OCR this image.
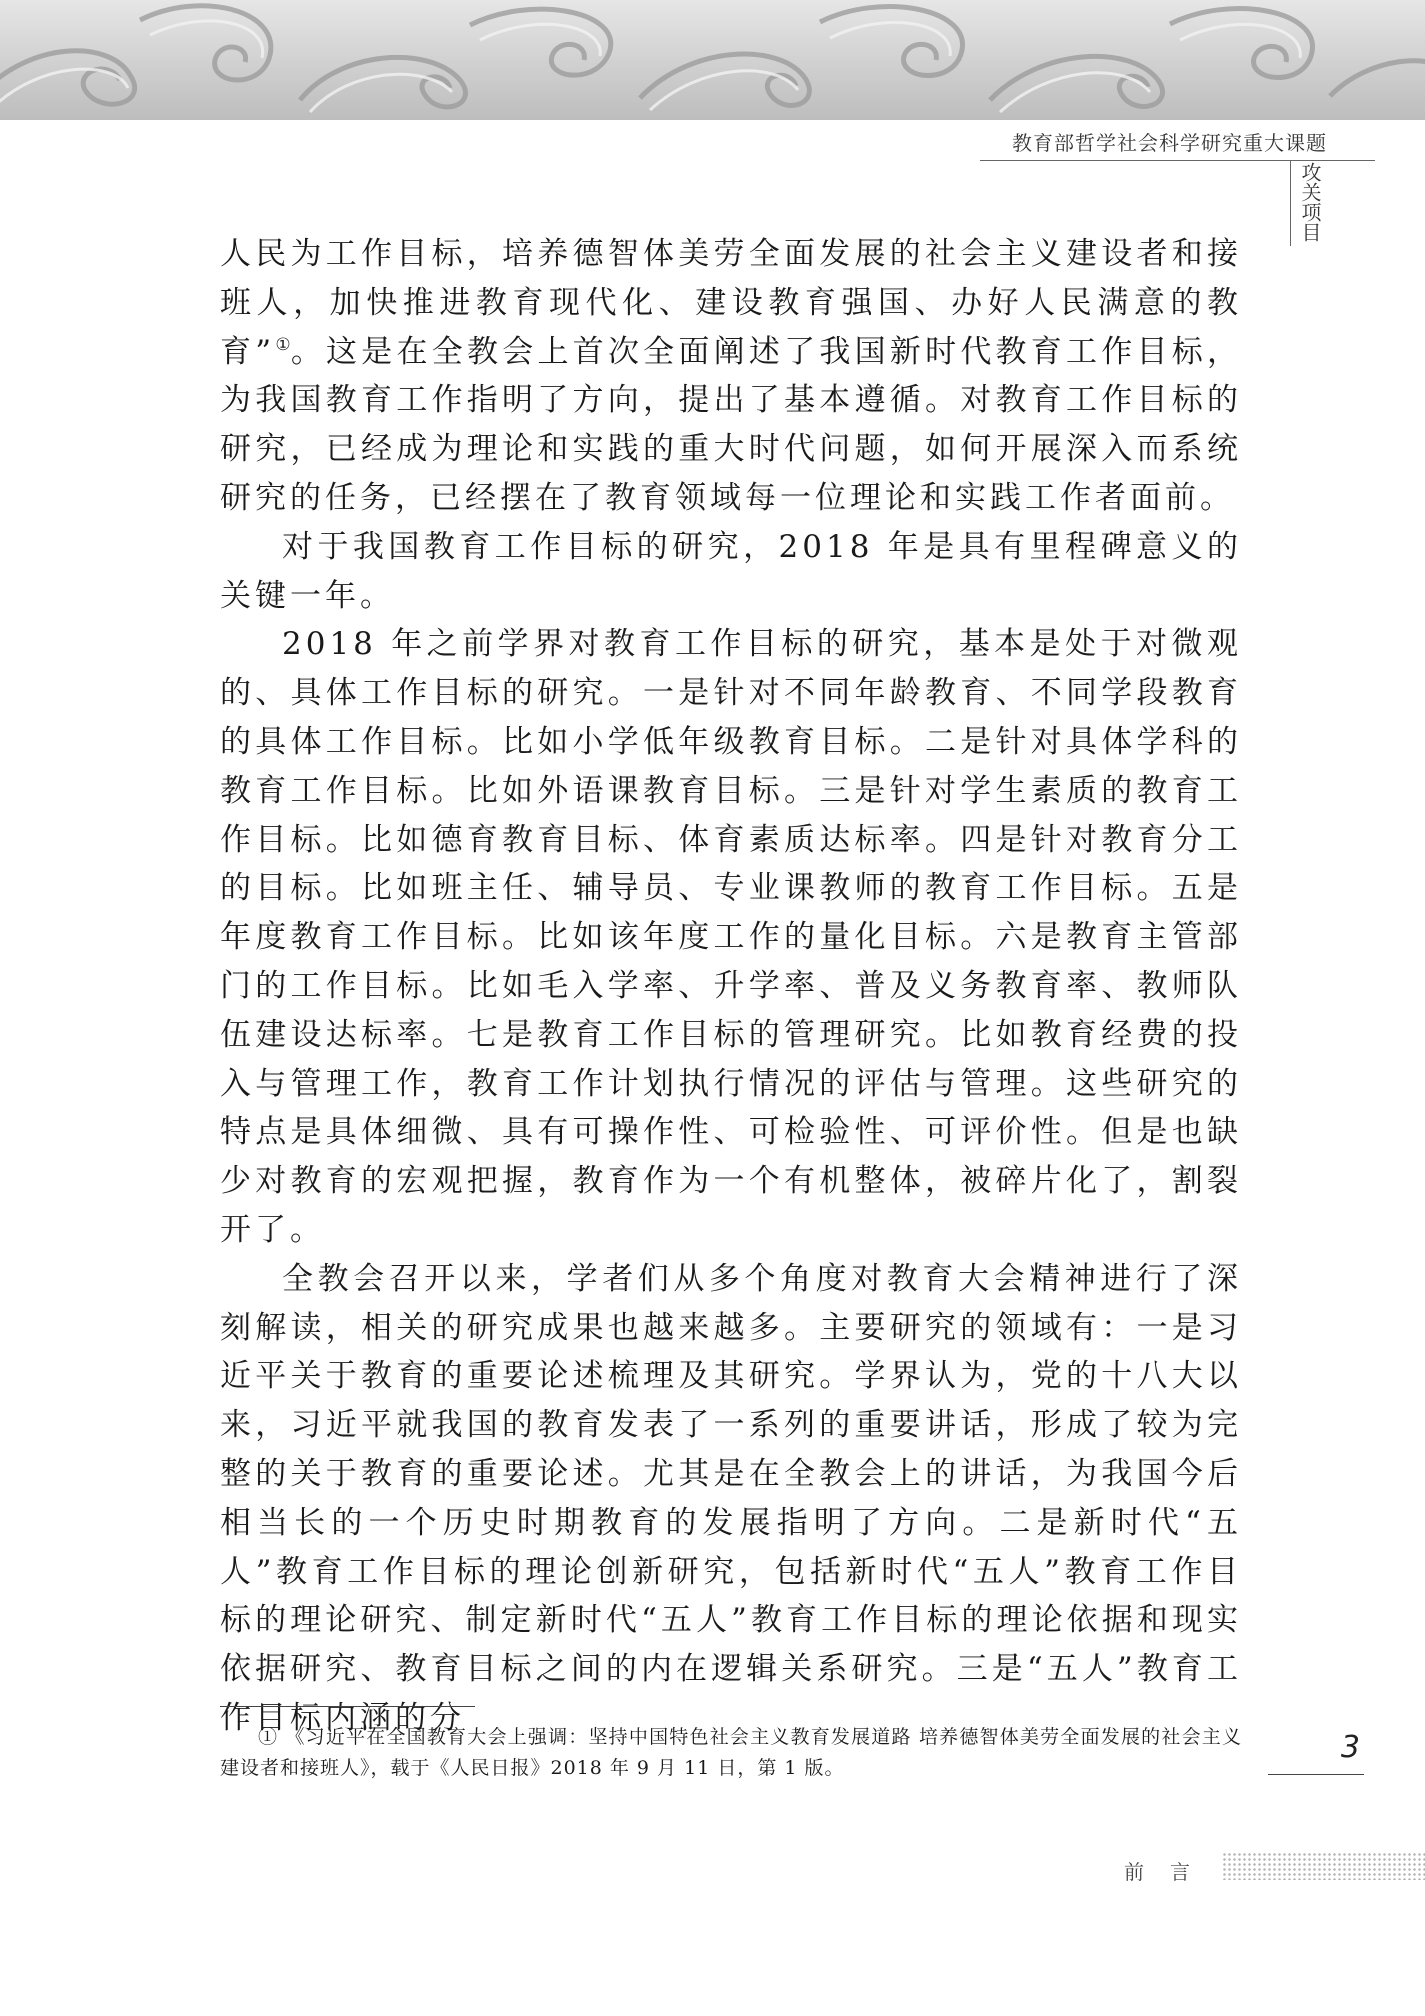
教育部哲学社会科学研究重大课题
攻关项目

人民为工作目标，培养德智体美劳全面发展的社会主义建设者和接班人，加快推进教育现代化、建设教育强国、办好人民满意的教育”①。这是在全教会上首次全面阐述了我国新时代教育工作目标，为我国教育工作指明了方向，提出了基本遵循。对教育工作目标的研究，已经成为理论和实践的重大时代问题，如何开展深入而系统研究的任务，已经摆在了教育领域每一位理论和实践工作者面前。

对于我国教育工作目标的研究，2018 年是具有里程碑意义的关键一年。

2018 年之前学界对教育工作目标的研究，基本是处于对微观的、具体工作目标的研究。一是针对不同年龄教育、不同学段教育的具体工作目标。比如小学低年级教育目标。二是针对具体学科的教育工作目标。比如外语课教育目标。三是针对学生素质的教育工作目标。比如德育教育目标、体育素质达标率。四是针对教育分工的目标。比如班主任、辅导员、专业课教师的教育工作目标。五是年度教育工作目标。比如该年度工作的量化目标。六是教育主管部门的工作目标。比如毛入学率、升学率、普及义务教育率、教师队伍建设达标率。七是教育工作目标的管理研究。比如教育经费的投入与管理工作，教育工作计划执行情况的评估与管理。这些研究的特点是具体细微、具有可操作性、可检验性、可评价性。但是也缺少对教育的宏观把握，教育作为一个有机整体，被碎片化了，割裂开了。

全教会召开以来，学者们从多个角度对教育大会精神进行了深刻解读，相关的研究成果也越来越多。主要研究的领域有：一是习近平关于教育的重要论述梳理及其研究。学界认为，党的十八大以来，习近平就我国的教育发表了一系列的重要讲话，形成了较为完整的关于教育的重要论述。尤其是在全教会上的讲话，为我国今后相当长的一个历史时期教育的发展指明了方向。二是新时代“五人”教育工作目标的理论创新研究，包括新时代“五人”教育工作目标的理论研究、制定新时代“五人”教育工作目标的理论依据和现实依据研究、教育目标之间的内在逻辑关系研究。三是“五人”教育工作目标内涵的分

① 《习近平在全国教育大会上强调：坚持中国特色社会主义教育发展道路 培养德智体美劳全面发展的社会主义建设者和接班人》，载于《人民日报》2018 年 9 月 11 日，第 1 版。

3
前言
